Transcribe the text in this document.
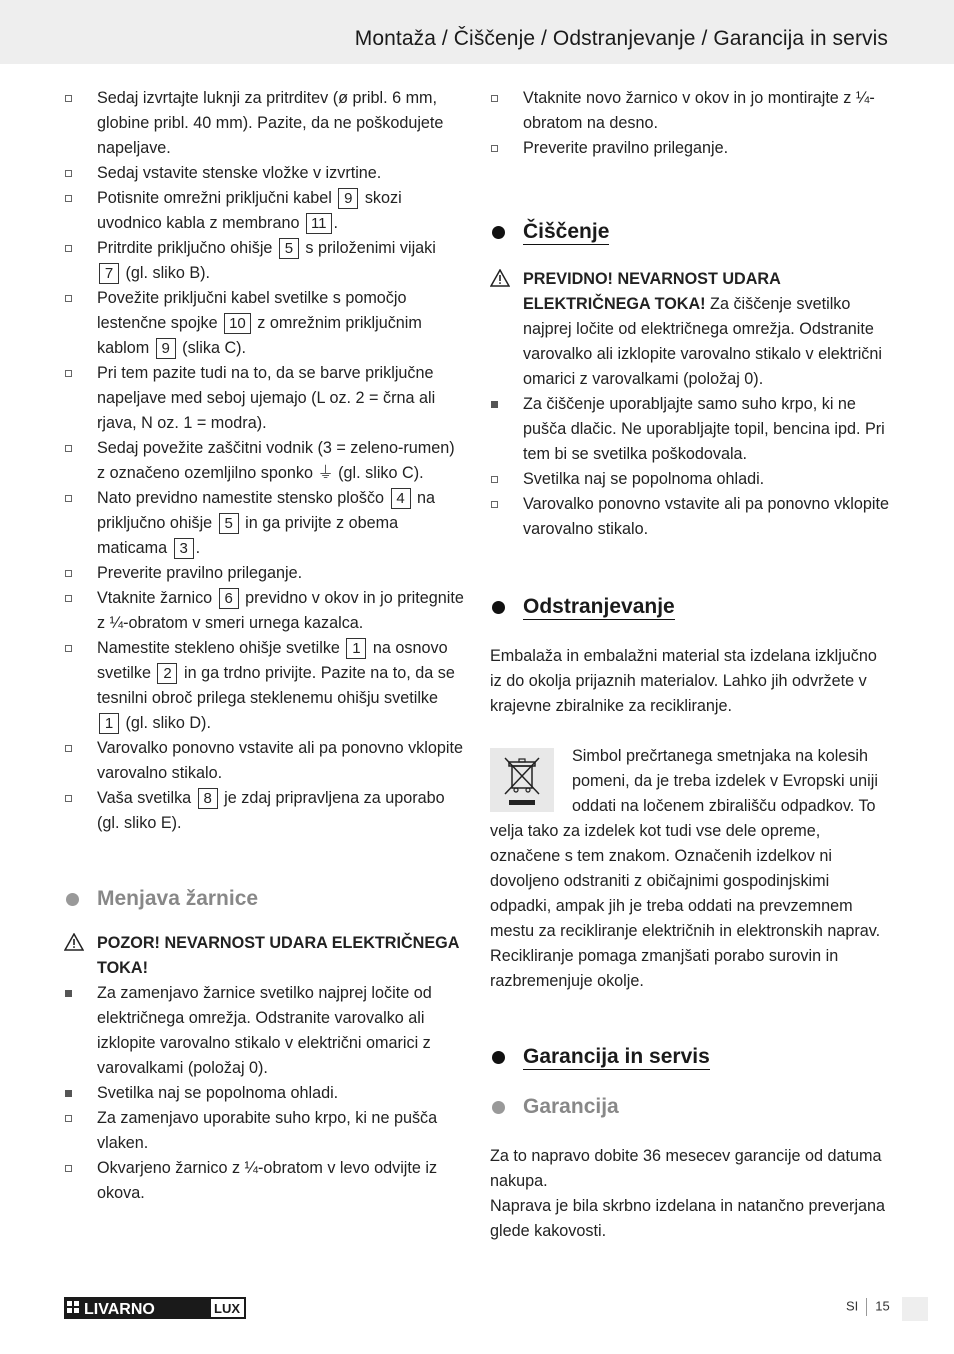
Montaža / Čiščenje / Odstranjevanje / Garancija in servis
Sedaj izvrtajte luknji za pritrditev (ø pribl. 6 mm, globine pribl. 40 mm). Pazite, da ne poškodujete napeljave.
Sedaj vstavite stenske vložke v izvrtine.
Potisnite omrežni priključni kabel 9 skozi uvodnico kabla z membrano 11 .
Pritrdite priključno ohišje 5 s priloženimi vijaki 7 (gl. sliko B).
Povežite priključni kabel svetilke s pomočjo lestenčne spojke 10 z omrežnim priključnim kablom 9 (slika C).
Pri tem pazite tudi na to, da se barve priključne napeljave med seboj ujemajo (L oz. 2 = črna ali rjava, N oz. 1 = modra).
Sedaj povežite zaščitni vodnik (3 = zeleno-rumen) z označeno ozemljilno sponko ⏚ (gl. sliko C).
Nato previdno namestite stensko ploščo 4 na priključno ohišje 5 in ga privijte z obema maticama 3 .
Preverite pravilno prileganje.
Vtaknite žarnico 6 previdno v okov in jo pritegnite z ¼-obratom v smeri urnega kazalca.
Namestite stekleno ohišje svetilke 1 na osnovo svetilke 2 in ga trdno privijte. Pazite na to, da se tesnilni obroč prilega steklenemu ohišju svetilke 1 (gl. sliko D).
Varovalko ponovno vstavite ali pa ponovno vklopite varovalno stikalo.
Vaša svetilka 8 je zdaj pripravljena za uporabo (gl. sliko E).
Menjava žarnice
POZOR! NEVARNOST UDARA ELEKTRIČNEGA TOKA!
Za zamenjavo žarnice svetilko najprej ločite od električnega omrežja. Odstranite varovalko ali izklopite varovalno stikalo v električni omarici z varovalkami (položaj 0).
Svetilka naj se popolnoma ohladi.
Za zamenjavo uporabite suho krpo, ki ne pušča vlaken.
Okvarjeno žarnico z ¼-obratom v levo odvijte iz okova.
Vtaknite novo žarnico v okov in jo montirajte z ¼-obratom na desno.
Preverite pravilno prileganje.
Čiščenje
PREVIDNO! NEVARNOST UDARA ELEKTRIČNEGA TOKA! Za čiščenje svetilko najprej ločite od električnega omrežja. Odstranite varovalko ali izklopite varovalno stikalo v električni omarici z varovalkami (položaj 0).
Za čiščenje uporabljajte samo suho krpo, ki ne pušča dlačic. Ne uporabljajte topil, bencina ipd. Pri tem bi se svetilka poškodovala.
Svetilka naj se popolnoma ohladi.
Varovalko ponovno vstavite ali pa ponovno vklopite varovalno stikalo.
Odstranjevanje

Embalaža in embalažni material sta izdelana izključno iz do okolja prijaznih materialov. Lahko jih odvržete v krajevne zbiralnike za recikliranje.

Simbol prečrtanega smetnjaka na kolesih pomeni, da je treba izdelek v Evropski uniji oddati na ločenem zbirališču odpadkov. To velja tako za izdelek kot tudi vse dele opreme, označene s tem znakom. Označenih izdelkov ni dovoljeno odstraniti z običajnimi gospodinjskimi odpadki, ampak jih je treba oddati na prevzemnem mestu za recikliranje električnih in elektronskih naprav. Recikliranje pomaga zmanjšati porabo surovin in razbremenjuje okolje.

Garancija in servis
Garancija

Za to napravo dobite 36 mesecev garancije od datuma nakupa.

Naprava je bila skrbno izdelana in natančno preverjana glede kakovosti.

LIVARNO	LUX	SI 15
